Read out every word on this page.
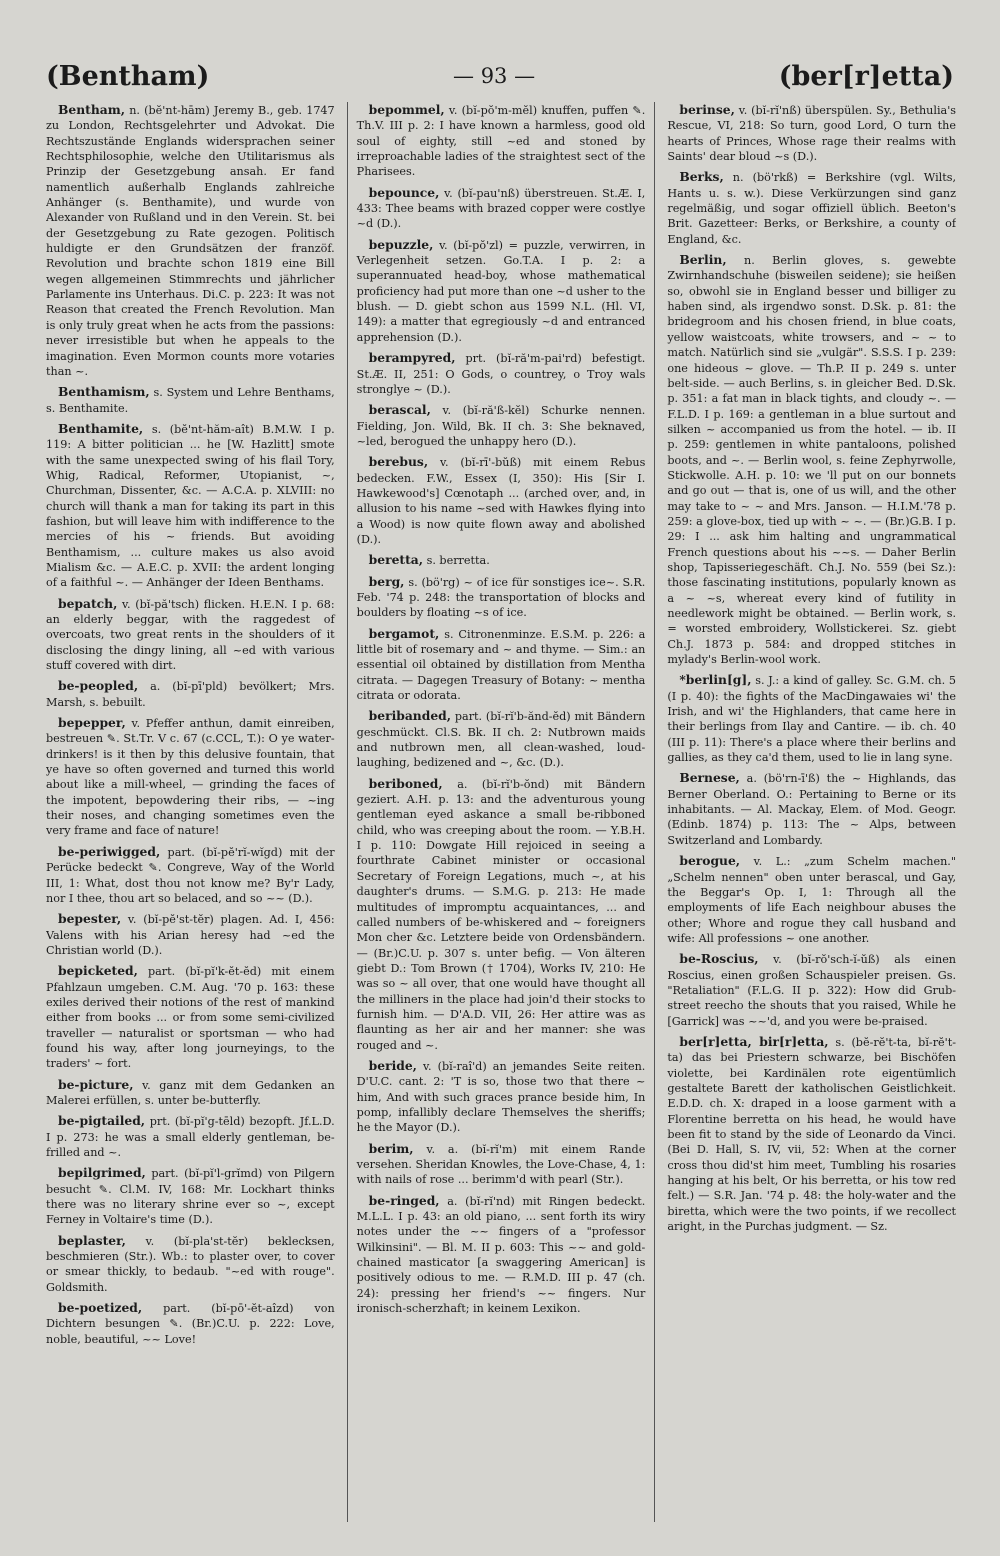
(Bentham)	— 93 —	(ber[r]etta)

Bentham, n. (bĕ'nt-hām) Jeremy B., geb. 1747 zu London, Rechtsgelehrter und Advokat. Die Rechtszustände Englands widersprachen seiner Rechtsphilosophie, welche den Utilitarismus als Prinzip der Gesetzgebung ansah. Er fand namentlich außerhalb Englands zahlreiche Anhänger (s. Benthamite), und wurde von Alexander von Rußland und in den Verein. St. bei der Gesetzgebung zu Rate gezogen. Politisch huldigte er den Grundsätzen der franzöf. Revolution und brachte schon 1819 eine Bill wegen allgemeinen Stimmrechts und jährlicher Parlamente ins Unterhaus. Di.C. p. 223: It was not Reason that created the French Revolution. Man is only truly great when he acts from the passions: never irresistible but when he appeals to the imagination. Even Mormon counts more votaries than ~.

Benthamism, s. System und Lehre Benthams, s. Benthamite.

Benthamite, s. (bĕ'nt-hăm-aît) B.M.W. I p. 119: A bitter politician ... he [W. Hazlitt] smote with the same unexpected swing of his flail Tory, Whig, Radical, Reformer, Utopianist, ~, Churchman, Dissenter, &c. — A.C.A. p. XLVIII: no church will thank a man for taking its part in this fashion, but will leave him with indifference to the mercies of his ~ friends. But avoiding Benthamism, ... culture makes us also avoid Mialism &c. — A.E.C. p. XVII: the ardent longing of a faithful ~. — Anhänger der Ideen Benthams.

bepatch, v. (bĭ-pă'tsch) flicken. H.E.N. I p. 68: an elderly beggar, with the raggedest of overcoats, two great rents in the shoulders of it disclosing the dingy lining, all ~ed with various stuff covered with dirt.

be-peopled, a. (bĭ-pī'pld) bevölkert; Mrs. Marsh, s. bebuilt.

bepepper, v. Pfeffer anthun, damit einreiben, bestreuen ✎. St.Tr. V c. 67 (c.CCL, T.): O ye water-drinkers! is it then by this delusive fountain, that ye have so often governed and turned this world about like a mill-wheel, — grinding the faces of the impotent, bepowdering their ribs, — ~ing their noses, and changing sometimes even the very frame and face of nature!

be-periwigged, part. (bĭ-pĕ'rĭ-wĭgd) mit der Perücke bedeckt ✎. Congreve, Way of the World III, 1: What, dost thou not know me? By'r Lady, nor I thee, thou art so belaced, and so ~~ (D.).

bepester, v. (bĭ-pĕ'st-tĕr) plagen. Ad. I, 456: Valens with his Arian heresy had ~ed the Christian world (D.).

bepicketed, part. (bĭ-pĭ'k-ĕt-ĕd) mit einem Pfahlzaun umgeben. C.M. Aug. '70 p. 163: these exiles derived their notions of the rest of mankind either from books ... or from some semi-civilized traveller — naturalist or sportsman — who had found his way, after long journeyings, to the traders' ~ fort.

be-picture, v. ganz mit dem Gedanken an Malerei erfüllen, s. unter be-butterfly.

be-pigtailed, prt. (bĭ-pĭ'g-tēld) bezopft. Jf.L.D. I p. 273: he was a small elderly gentleman, be-frilled and ~.

bepilgrimed, part. (bĭ-pĭ'l-grĭmd) von Pilgern besucht ✎. Cl.M. IV, 168: Mr. Lockhart thinks there was no literary shrine ever so ~, except Ferney in Voltaire's time (D.).

beplaster, v. (bĭ-pla'st-tĕr) beklecksen, beschmieren (Str.). Wb.: to plaster over, to cover or smear thickly, to bedaub. "~ed with rouge". Goldsmith.

be-poetized, part. (bĭ-pō'-ĕt-aîzd) von Dichtern besungen ✎. (Br.)C.U. p. 222: Love, noble, beautiful, ~~ Love!

bepommel, v. (bĭ-pŏ'm-mĕl) knuffen, puffen ✎. Th.V. III p. 2: I have known a harmless, good old soul of eighty, still ~ed and stoned by irreproachable ladies of the straightest sect of the Pharisees.

bepounce, v. (bĭ-pau'nß) überstreuen. St.Æ. I, 433: Thee beams with brazed copper were costlye ~d (D.).

bepuzzle, v. (bĭ-pŏ'zl) = puzzle, verwirren, in Verlegenheit setzen. Go.T.A. I p. 2: a superannuated head-boy, whose mathematical proficiency had put more than one ~d usher to the blush. — D. giebt schon aus 1599 N.L. (Hl. VI, 149): a matter that egregiously ~d and entranced apprehension (D.).

berampyred, prt. (bĭ-ră'm-pai'rd) befestigt. St.Æ. II, 251: O Gods, o countrey, o Troy wals stronglye ~ (D.).

berascal, v. (bĭ-ră'ß-kĕl) Schurke nennen. Fielding, Jon. Wild, Bk. II ch. 3: She beknaved, ~led, berogued the unhappy hero (D.).

berebus, v. (bĭ-rī'-bŭß) mit einem Rebus bedecken. F.W., Essex (I, 350): His [Sir I. Hawkewood's] Cœnotaph ... (arched over, and, in allusion to his name ~sed with Hawkes flying into a Wood) is now quite flown away and abolished (D.).

beretta, s. berretta.

berg, s. (bö'rg) ~ of ice für sonstiges ice~. S.R. Feb. '74 p. 248: the transportation of blocks and boulders by floating ~s of ice.

bergamot, s. Citronenminze. E.S.M. p. 226: a little bit of rosemary and ~ and thyme. — Sim.: an essential oil obtained by distillation from Mentha citrata. — Dagegen Treasury of Botany: ~ mentha citrata or odorata.

beribanded, part. (bĭ-rĭ'b-ănd-ĕd) mit Bändern geschmückt. Cl.S. Bk. II ch. 2: Nutbrown maids and nutbrown men, all clean-washed, loud-laughing, bedizened and ~, &c. (D.).

beriboned, a. (bĭ-rĭ'b-ŏnd) mit Bändern geziert. A.H. p. 13: and the adventurous young gentleman eyed askance a small be-ribboned child, who was creeping about the room. — Y.B.H. I p. 110: Dowgate Hill rejoiced in seeing a fourthrate Cabinet minister or occasional Secretary of Foreign Legations, much ~, at his daughter's drums. — S.M.G. p. 213: He made multitudes of impromptu acquaintances, ... and called numbers of be-whiskered and ~ foreigners Mon cher &c. Letztere beide von Ordensbändern. — (Br.)C.U. p. 307 s. unter befig. — Von älteren giebt D.: Tom Brown († 1704), Works IV, 210: He was so ~ all over, that one would have thought all the milliners in the place had join'd their stocks to furnish him. — D'A.D. VII, 26: Her attire was as flaunting as her air and her manner: she was rouged and ~.

beride, v. (bĭ-raî'd) an jemandes Seite reiten. D'U.C. cant. 2: 'T is so, those two that there ~ him, And with such graces prance beside him, In pomp, infallibly declare Themselves the sheriffs; he the Mayor (D.).

berim, v. a. (bĭ-rĭ'm) mit einem Rande versehen. Sheridan Knowles, the Love-Chase, 4, 1: with nails of rose ... berimm'd with pearl (Str.).

be-ringed, a. (bĭ-rĭ'nd) mit Ringen bedeckt. M.L.L. I p. 43: an old piano, ... sent forth its wiry notes under the ~~ fingers of a "professor Wilkinsini". — Bl. M. II p. 603: This ~~ and gold-chained masticator [a swaggering American] is positively odious to me. — R.M.D. III p. 47 (ch. 24): pressing her friend's ~~ fingers. Nur ironisch-scherzhaft; in keinem Lexikon.

berinse, v. (bĭ-rĭ'nß) überspülen. Sy., Bethulia's Rescue, VI, 218: So turn, good Lord, O turn the hearts of Princes, Whose rage their realms with Saints' dear bloud ~s (D.).

Berks, n. (bö'rkß) = Berkshire (vgl. Wilts, Hants u. s. w.). Diese Verkürzungen sind ganz regelmäßig, und sogar offiziell üblich. Beeton's Brit. Gazetteer: Berks, or Berkshire, a county of England, &c.

Berlin, n. Berlin gloves, s. gewebte Zwirnhandschuhe (bisweilen seidene); sie heißen so, obwohl sie in England besser und billiger zu haben sind, als irgendwo sonst. D.Sk. p. 81: the bridegroom and his chosen friend, in blue coats, yellow waistcoats, white trowsers, and ~ ~ to match. Natürlich sind sie „vulgär". S.S.S. I p. 239: one hideous ~ glove. — Th.P. II p. 249 s. unter belt-side. — auch Berlins, s. in gleicher Bed. D.Sk. p. 351: a fat man in black tights, and cloudy ~. — F.L.D. I p. 169: a gentleman in a blue surtout and silken ~ accompanied us from the hotel. — ib. II p. 259: gentlemen in white pantaloons, polished boots, and ~. — Berlin wool, s. feine Zephyrwolle, Stickwolle. A.H. p. 10: we 'll put on our bonnets and go out — that is, one of us will, and the other may take to ~ ~ and Mrs. Janson. — H.I.M.'78 p. 259: a glove-box, tied up with ~ ~. — (Br.)G.B. I p. 29: I ... ask him halting and ungrammatical French questions about his ~~s. — Daher Berlin shop, Tapisseriegeschäft. Ch.J. No. 559 (bei Sz.): those fascinating institutions, popularly known as a ~ ~s, whereat every kind of futility in needlework might be obtained. — Berlin work, s. = worsted embroidery, Wollstickerei. Sz. giebt Ch.J. 1873 p. 584: and dropped stitches in mylady's Berlin-wool work.

*berlin[g], s. J.: a kind of galley. Sc. G.M. ch. 5 (I p. 40): the fights of the MacDingawaies wi' the Irish, and wi' the Highlanders, that came here in their berlings from Ilay and Cantire. — ib. ch. 40 (III p. 11): There's a place where their berlins and gallies, as they ca'd them, used to lie in lang syne.

Bernese, a. (bö'rn-ī'ß) the ~ Highlands, das Berner Oberland. O.: Pertaining to Berne or its inhabitants. — Al. Mackay, Elem. of Mod. Geogr. (Edinb. 1874) p. 113: The ~ Alps, between Switzerland and Lombardy.

berogue, v. L.: „zum Schelm machen." „Schelm nennen" oben unter berascal, und Gay, the Beggar's Op. I, 1: Through all the employments of life Each neighbour abuses the other; Whore and rogue they call husband and wife: All professions ~ one another.

be-Roscius, v. (bĭ-rŏ'sch-ĭ-ŭß) als einen Roscius, einen großen Schauspieler preisen. Gs. "Retaliation" (F.L.G. II p. 322): How did Grub-street reecho the shouts that you raised, While he [Garrick] was ~~'d, and you were be-praised.

ber[r]etta, bir[r]etta, s. (bĕ-rĕ't-ta, bĭ-rĕ't-ta) das bei Priestern schwarze, bei Bischöfen violette, bei Kardinälen rote eigentümlich gestaltete Barett der katholischen Geistlichkeit. E.D.D. ch. X: draped in a loose garment with a Florentine berretta on his head, he would have been fit to stand by the side of Leonardo da Vinci. (Bei D. Hall, S. IV, vii, 52: When at the corner cross thou did'st him meet, Tumbling his rosaries hanging at his belt, Or his berretta, or his tow red felt.) — S.R. Jan. '74 p. 48: the holy-water and the biretta, which were the two points, if we recollect aright, in the Purchas judgment. — Sz.
